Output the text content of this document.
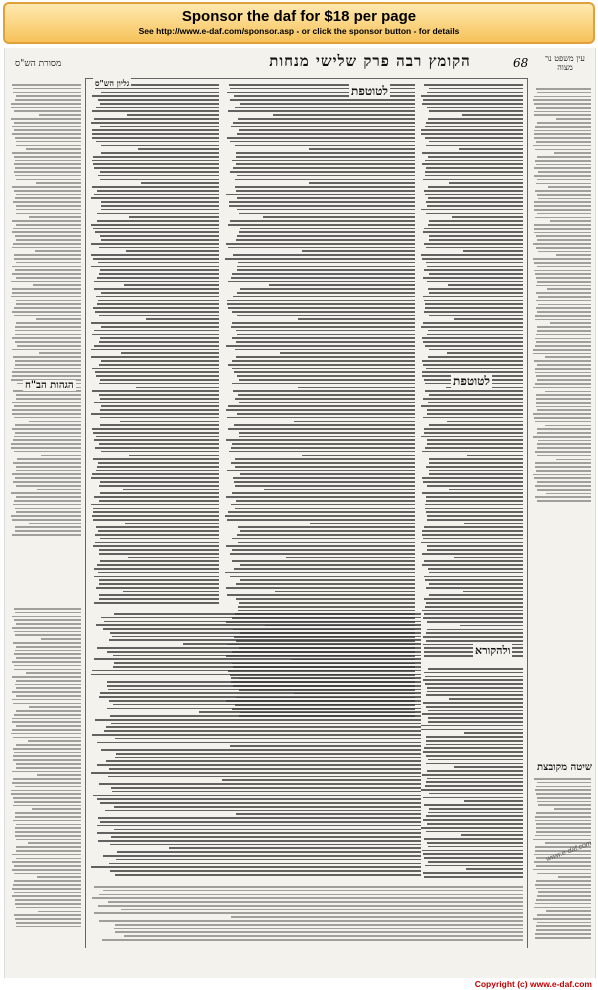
Sponsor the daf for $18 per page
See http://www.e-daf.com/sponsor.asp - or click the sponsor button - for details
68
הקומץ רבה פרק שלישי מנחות
מסורת הש"ס
עין משפט נר מצוה
הגהות הב"ח
לטוטפת
לטוטפת
ולהקורא
שיטה מקובצת
www.e-daf.com
גליון הש"ס
Copyright (c) www.e-daf.com
